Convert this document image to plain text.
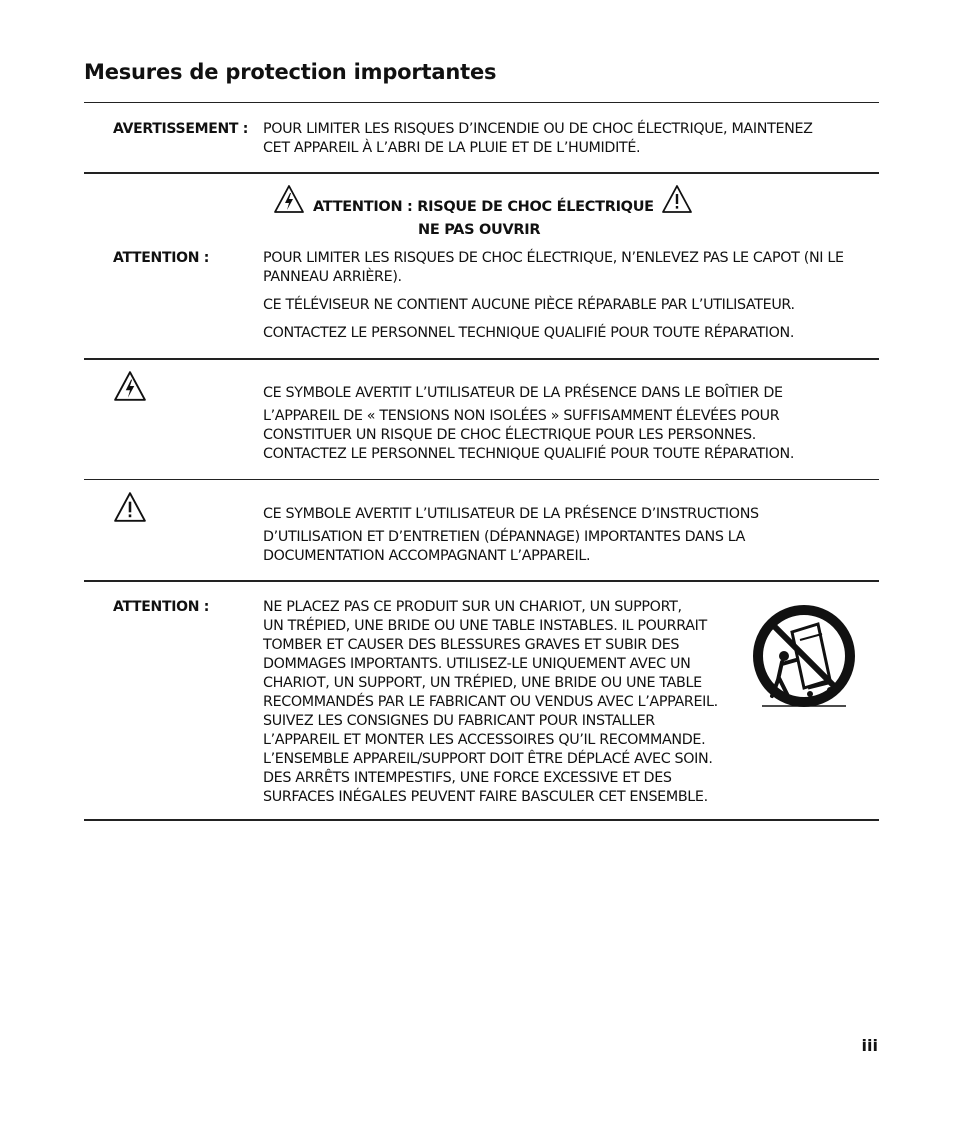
Mesures de protection importantes
AVERTISSEMENT : POUR LIMITER LES RISQUES D’INCENDIE OU DE CHOC ÉLECTRIQUE, MAINTENEZ

CET APPAREIL À L’ABRI DE LA PLUIE ET DE L’HUMIDITÉ.

ATTENTION : RISQUE DE CHOC ÉLECTRIQUE
NE PAS OUVRIR
ATTENTION :	POUR LIMITER LES RISQUES DE CHOC ÉLECTRIQUE, N’ENLEVEZ PAS LE CAPOT (NI LE

PANNEAU ARRIÈRE).

CE TÉLÉVISEUR NE CONTIENT AUCUNE PIÈCE RÉPARABLE PAR L’UTILISATEUR.

CONTACTEZ LE PERSONNEL TECHNIQUE QUALIFIÉ POUR TOUTE RÉPARATION.

CE SYMBOLE AVERTIT L’UTILISATEUR DE LA PRÉSENCE DANS LE BOÎTIER DE

L’APPAREIL DE « TENSIONS NON ISOLÉES » SUFFISAMMENT ÉLEVÉES POUR

CONSTITUER UN RISQUE DE CHOC ÉLECTRIQUE POUR LES PERSONNES.

CONTACTEZ LE PERSONNEL TECHNIQUE QUALIFIÉ POUR TOUTE RÉPARATION.

CE SYMBOLE AVERTIT L’UTILISATEUR DE LA PRÉSENCE D’INSTRUCTIONS

D’UTILISATION ET D’ENTRETIEN (DÉPANNAGE) IMPORTANTES DANS LA

DOCUMENTATION ACCOMPAGNANT L’APPAREIL.

ATTENTION :	NE PLACEZ PAS CE PRODUIT SUR UN CHARIOT, UN SUPPORT,

UN TRÉPIED, UNE BRIDE OU UNE TABLE INSTABLES. IL POURRAIT

TOMBER ET CAUSER DES BLESSURES GRAVES ET SUBIR DES

DOMMAGES IMPORTANTS. UTILISEZ-LE UNIQUEMENT AVEC UN

CHARIOT, UN SUPPORT, UN TRÉPIED, UNE BRIDE OU UNE TABLE

RECOMMANDÉS PAR LE FABRICANT OU VENDUS AVEC L’APPAREIL.

SUIVEZ LES CONSIGNES DU FABRICANT POUR INSTALLER

L’APPAREIL ET MONTER LES ACCESSOIRES QU’IL RECOMMANDE.

L’ENSEMBLE APPAREIL/SUPPORT DOIT ÊTRE DÉPLACÉ AVEC SOIN.

DES ARRÊTS INTEMPESTIFS, UNE FORCE EXCESSIVE ET DES

SURFACES INÉGALES PEUVENT FAIRE BASCULER CET ENSEMBLE.

iii
